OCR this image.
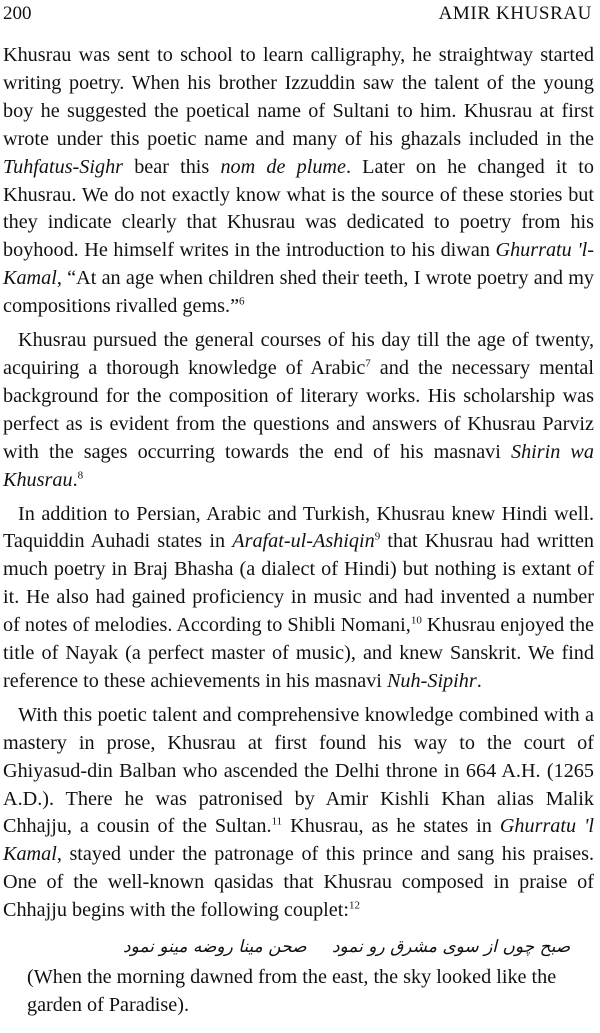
200	AMIR KHUSRAU

Khusrau was sent to school to learn calligraphy, he straightway started writing poetry. When his brother Izzuddin saw the talent of the young boy he suggested the poetical name of Sultani to him. Khusrau at first wrote under this poetic name and many of his ghazals included in the Tuhfatus-Sighr bear this nom de plume. Later on he changed it to Khusrau. We do not exactly know what is the source of these stories but they indicate clearly that Khusrau was dedicated to poetry from his boyhood. He himself writes in the introduction to his diwan Ghurratu 'l-Kamal, “At an age when children shed their teeth, I wrote poetry and my compositions rivalled gems.”$^6$

Khusrau pursued the general courses of his day till the age of twenty, acquiring a thorough knowledge of Arabic$^7$ and the necessary mental background for the composition of literary works. His scholarship was perfect as is evident from the questions and answers of Khusrau Parviz with the sages occurring towards the end of his masnavi Shirin wa Khusrau.$^8$

In addition to Persian, Arabic and Turkish, Khusrau knew Hindi well. Taquiddin Auhadi states in Arafat-ul-Ashiqin$^9$ that Khusrau had written much poetry in Braj Bhasha (a dialect of Hindi) but nothing is extant of it. He also had gained proficiency in music and had invented a number of notes of melodies. According to Shibli Nomani,$^{10}$ Khusrau enjoyed the title of Nayak (a perfect master of music), and knew Sanskrit. We find reference to these achievements in his masnavi Nuh-Sipihr.

With this poetic talent and comprehensive knowledge combined with a mastery in prose, Khusrau at first found his way to the court of Ghiyasud-din Balban who ascended the Delhi throne in 664 A.H. (1265 A.D.). There he was patronised by Amir Kishli Khan alias Malik Chhajju, a cousin of the Sultan.$^{11}$ Khusrau, as he states in Ghurratu 'l Kamal, stayed under the patronage of this prince and sang his praises. One of the well-known qasidas that Khusrau composed in praise of Chhajju begins with the following couplet:$^{12}$

صبح چوں از سوی مشرق رو نمود صحن مینا روضه مینو نمود

(When the morning dawned from the east, the sky looked like the garden of Paradise).
